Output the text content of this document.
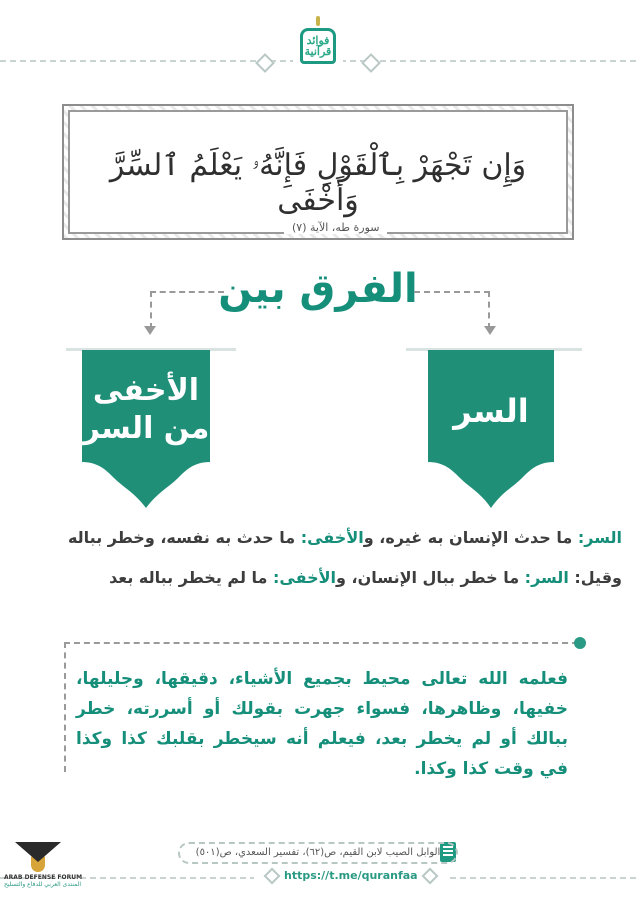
فوائد قرآنية
وَإِن تَجْهَرْ بِٱلْقَوْلِ فَإِنَّهُۥ يَعْلَمُ ٱلسِّرَّ وَأَخْفَى
سورة طه، الآية (٧)
الفرق بين
الأخفى
من السر	السر
السر: ما حدث الإنسان به غيره، والأخفى: ما حدث به نفسه، وخطر بباله
وقيل: السر: ما خطر ببال الإنسان، والأخفى: ما لم يخطر بباله بعد
فعلمه الله تعالى محيط بجميع الأشياء، دقيقها، وجليلها، خفيها، وظاهرها، فسواء جهرت بقولك أو أسررته، خطر ببالك أو لم يخطر بعد، فيعلم أنه سيخطر بقلبك كذا وكذا في وقت كذا وكذا.
الوابل الصيب لابن القيم، ص(٦٢)، تفسير السعدي، ص(٥٠١)
https://t.me/quranfaa
ARAB DEFENSE FORUM
المنتدى العربي للدفاع والتسليح
